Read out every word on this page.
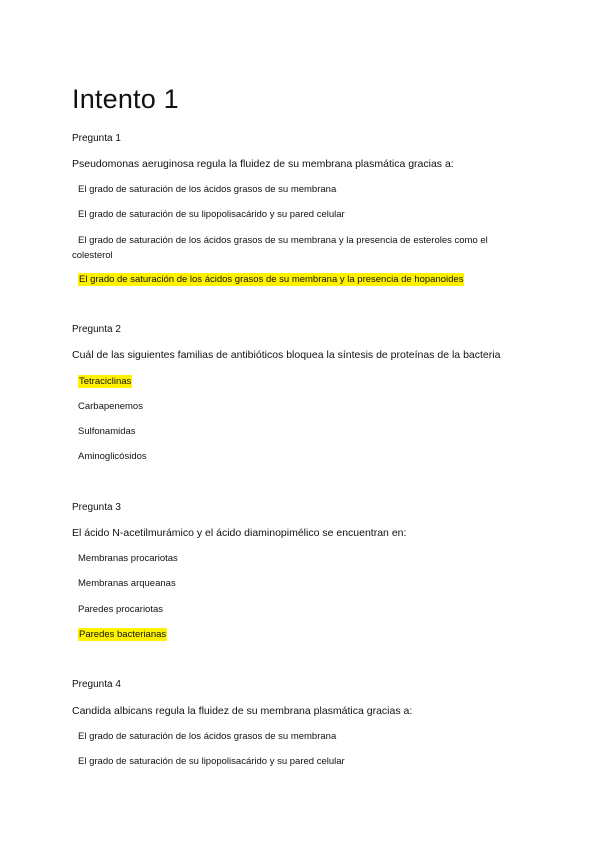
Intento 1

Pregunta 1

Pseudomonas aeruginosa regula la fluidez de su membrana plasmática gracias a:

El grado de saturación de los ácidos grasos de su membrana

El grado de saturación de su lipopolisacárido y su pared celular

El grado de saturación de los ácidos grasos de su membrana y la presencia de esteroles como el colesterol

El grado de saturación de los ácidos grasos de su membrana y la presencia de hopanoides

Pregunta 2

Cuál de las siguientes familias de antibióticos bloquea la síntesis de proteínas de la bacteria

Tetraciclinas

Carbapenemos

Sulfonamidas

Aminoglicósidos

Pregunta 3

El ácido N-acetilmurámico y el ácido diaminopimélico se encuentran en:

Membranas procariotas

Membranas arqueanas

Paredes procariotas

Paredes bacterianas

Pregunta 4

Candida albicans regula la fluidez de su membrana plasmática gracias a:

El grado de saturación de los ácidos grasos de su membrana

El grado de saturación de su lipopolisacárido y su pared celular
